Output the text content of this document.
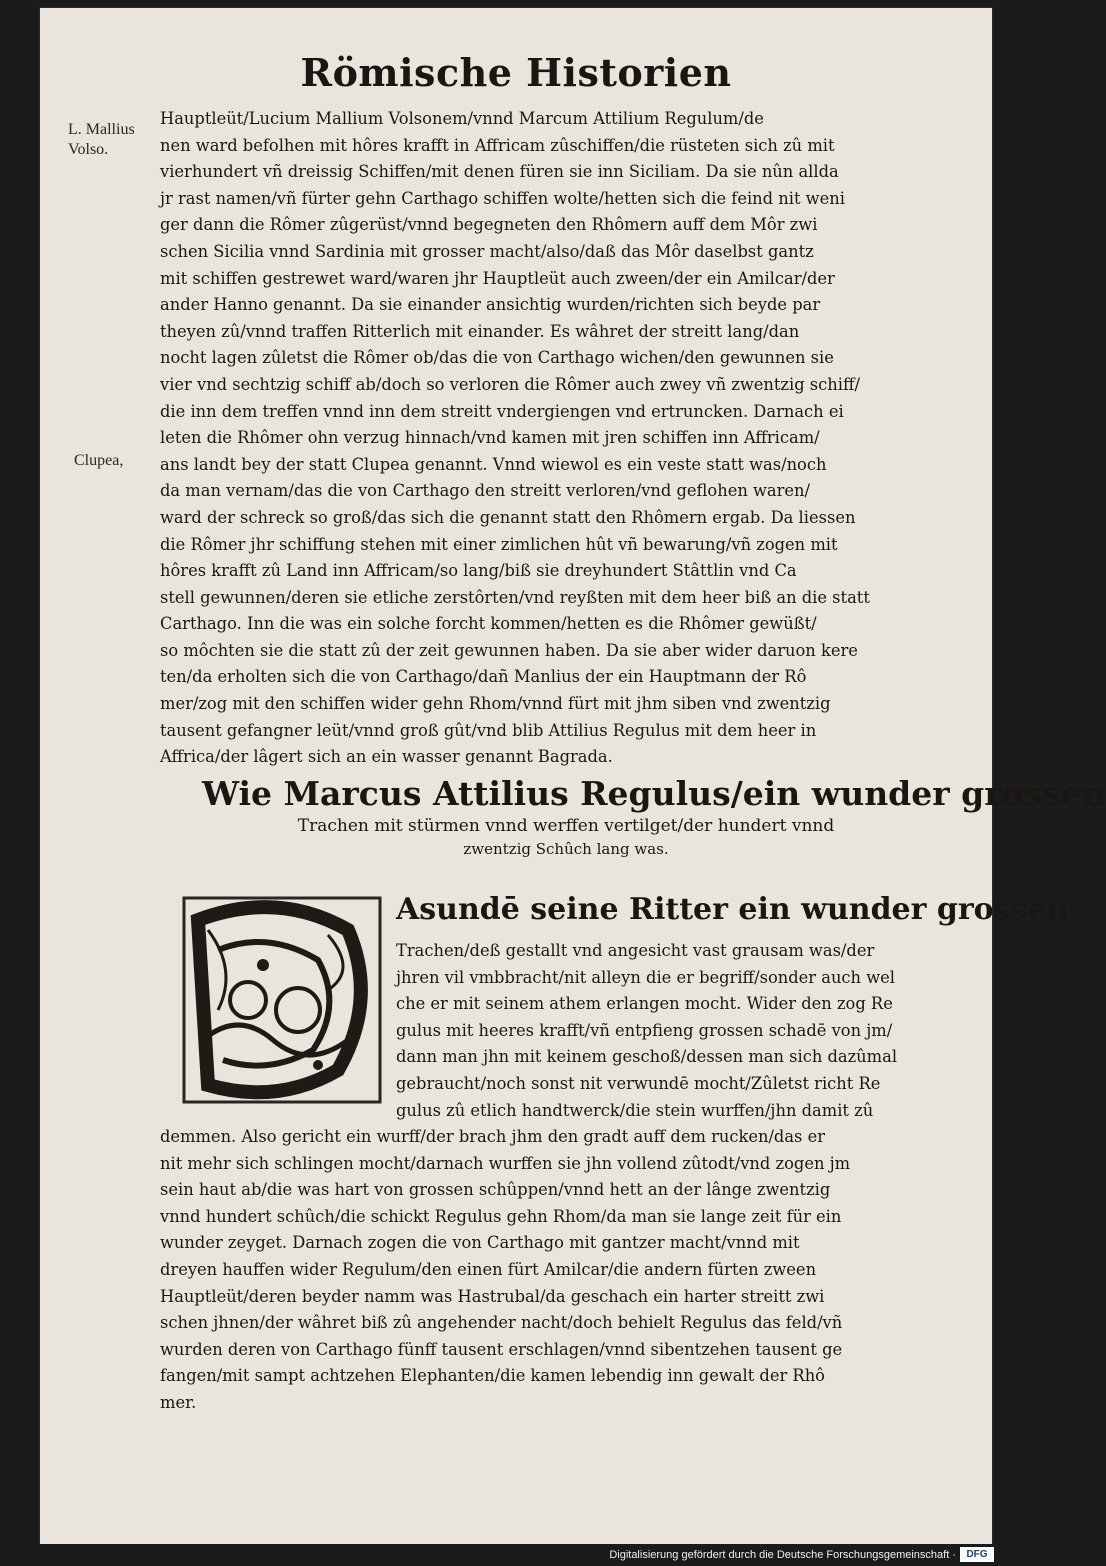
Römische Historien
L. Mallius
Volso.
Clupea,
Hauptleüt/Lucium Mallium Volsonem/vnnd Marcum Attilium Regulum/de
nen ward befolhen mit hôres krafft in Affricam zûschiffen/die rüsteten sich zû mit
vierhundert vñ dreissig Schiffen/mit denen füren sie inn Siciliam. Da sie nûn allda
jr rast namen/vñ fürter gehn Carthago schiffen wolte/hetten sich die feind nit weni
ger dann die Rômer zûgerüst/vnnd begegneten den Rhômern auff dem Môr zwi
schen Sicilia vnnd Sardinia mit grosser macht/also/daß das Môr daselbst gantz
mit schiffen gestrewet ward/waren jhr Hauptleüt auch zween/der ein Amilcar/der
ander Hanno genannt. Da sie einander ansichtig wurden/richten sich beyde par
theyen zû/vnnd traffen Ritterlich mit einander. Es wâhret der streitt lang/dan
nocht lagen zûletst die Rômer ob/das die von Carthago wichen/den gewunnen sie
vier vnd sechtzig schiff ab/doch so verloren die Rômer auch zwey vñ zwentzig schiff/
die inn dem treffen vnnd inn dem streitt vndergiengen vnd ertruncken. Darnach ei
leten die Rhômer ohn verzug hinnach/vnd kamen mit jren schiffen inn Affricam/
ans landt bey der statt Clupea genannt. Vnnd wiewol es ein veste statt was/noch
da man vernam/das die von Carthago den streitt verloren/vnd geflohen waren/
ward der schreck so groß/das sich die genannt statt den Rhômern ergab. Da liessen
die Rômer jhr schiffung stehen mit einer zimlichen hût vñ bewarung/vñ zogen mit
hôres krafft zû Land inn Affricam/so lang/biß sie dreyhundert Stâttlin vnd Ca
stell gewunnen/deren sie etliche zerstôrten/vnd reyßten mit dem heer biß an die statt
Carthago. Inn die was ein solche forcht kommen/hetten es die Rhômer gewüßt/
so môchten sie die statt zû der zeit gewunnen haben. Da sie aber wider daruon kere
ten/da erholten sich die von Carthago/dañ Manlius der ein Hauptmann der Rô
mer/zog mit den schiffen wider gehn Rhom/vnnd fürt mit jhm siben vnd zwentzig
tausent gefangner leüt/vnnd groß gût/vnd blib Attilius Regulus mit dem heer in
Affrica/der lâgert sich an ein wasser genannt Bagrada.
Wie Marcus Attilius Regulus/ein wunder grossen
Trachen mit stürmen vnnd werffen vertilget/der hundert vnnd
zwentzig Schûch lang was.
Asundē seine Ritter ein wunder grossen
Trachen/deß gestallt vnd angesicht vast grausam was/der
jhren vil vmbbracht/nit alleyn die er begriff/sonder auch wel
che er mit seinem athem erlangen mocht. Wider den zog Re
gulus mit heeres krafft/vñ entpfieng grossen schadē von jm/
dann man jhn mit keinem geschoß/dessen man sich dazûmal
gebraucht/noch sonst nit verwundē mocht/Zûletst richt Re
gulus zû etlich handtwerck/die stein wurffen/jhn damit zû
demmen. Also gericht ein wurff/der brach jhm den gradt auff dem rucken/das er
nit mehr sich schlingen mocht/darnach wurffen sie jhn vollend zûtodt/vnd zogen jm
sein haut ab/die was hart von grossen schûppen/vnnd hett an der lânge zwentzig
vnnd hundert schûch/die schickt Regulus gehn Rhom/da man sie lange zeit für ein
wunder zeyget. Darnach zogen die von Carthago mit gantzer macht/vnnd mit
dreyen hauffen wider Regulum/den einen fürt Amilcar/die andern fürten zween
Hauptleüt/deren beyder namm was Hastrubal/da geschach ein harter streitt zwi
schen jhnen/der wâhret biß zû angehender nacht/doch behielt Regulus das feld/vñ
wurden deren von Carthago fünff tausent erschlagen/vnnd sibentzehen tausent ge
fangen/mit sampt achtzehen Elephanten/die kamen lebendig inn gewalt der Rhô
mer.
Digitalisierung gefördert durch die Deutsche Forschungsgemeinschaft ·	DFG
